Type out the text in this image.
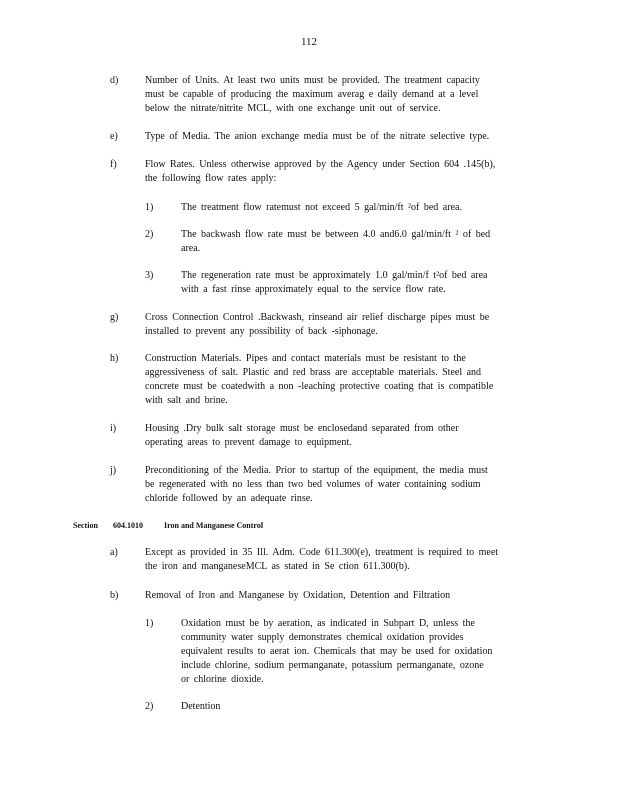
112
d)	Number of Units. At least two units must be provided. The treatment capacity
must be capable of producing the maximum averag e daily demand at a level
below the nitrate/nitrite MCL, with one exchange unit out of service.
e)	Type of Media. The anion exchange media must be of the nitrate selective type.
f)	Flow Rates. Unless otherwise approved by the Agency under Section 604 .145(b),
the following flow rates apply:
1)	The treatment flow ratemust not exceed 5 gal/min/ft ²of bed area.
2)	The backwash flow rate must be between 4.0 and6.0 gal/min/ft ² of bed
area.
3)	The regeneration rate must be approximately 1.0 gal/min/f t²of bed area
with a fast rinse approximately equal to the service flow rate.
g)	Cross Connection Control .Backwash, rinseand air relief discharge pipes must be
installed to prevent any possibility of back -siphonage.
h)	Construction Materials. Pipes and contact materials must be resistant to the
aggressiveness of salt. Plastic and red brass are acceptable materials. Steel and
concrete must be coatedwith a non -leaching protective coating that is compatible
with salt and brine.
i)	Housing .Dry bulk salt storage must be enclosedand separated from other
operating areas to prevent damage to equipment.
j)	Preconditioning of the Media. Prior to startup of the equipment, the media must
be regenerated with no less than two bed volumes of water containing sodium
chloride followed by an adequate rinse.
Section 604.1010	Iron and Manganese Control
a)	Except as provided in 35 Ill. Adm. Code 611.300(e), treatment is required to meet
the iron and manganeseMCL as stated in Se ction 611.300(b).
b)	Removal of Iron and Manganese by Oxidation, Detention and Filtration
1)	Oxidation must be by aeration, as indicated in Subpart D, unless the
community water supply demonstrates chemical oxidation provides
equivalent results to aerat ion. Chemicals that may be used for oxidation
include chlorine, sodium permanganate, potassium permanganate, ozone
or chlorine dioxide.
2)	Detention
